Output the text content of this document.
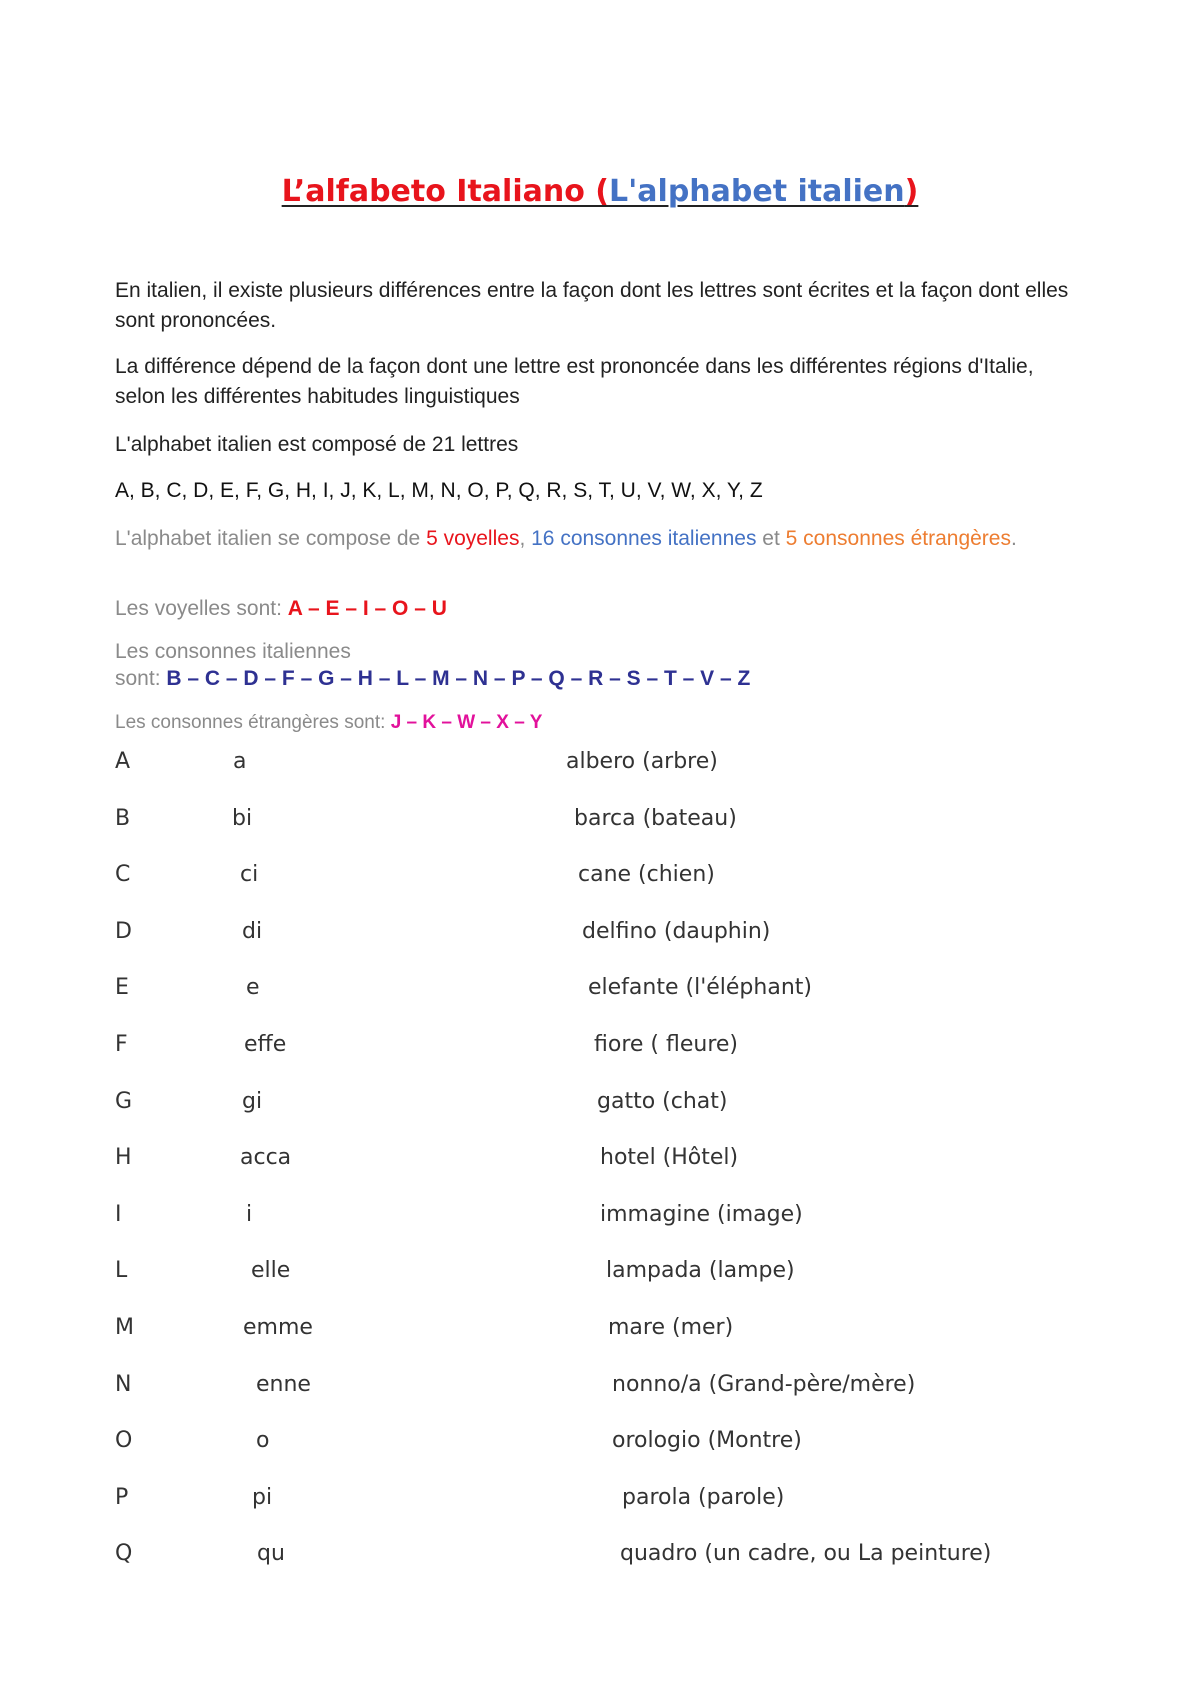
L’alfabeto Italiano (L'alphabet italien)

En italien, il existe plusieurs différences entre la façon dont les lettres sont écrites et la façon dont elles sont prononcées.

La différence dépend de la façon dont une lettre est prononcée dans les différentes régions d'Italie, selon les différentes habitudes linguistiques

L'alphabet italien est composé de 21 lettres

A, B, C, D, E, F, G, H, I, J, K, L, M, N, O, P, Q, R, S, T, U, V, W, X, Y, Z

L'alphabet italien se compose de 5 voyelles, 16 consonnes italiennes et 5 consonnes étrangères.

Les voyelles sont: A – E – I – O – U

Les consonnes italiennes
sont: B – C – D – F – G – H – L – M – N – P – Q – R – S – T – V – Z

Les consonnes étrangères sont: J – K – W – X – Y

A	a	albero (arbre)
B	bi	barca (bateau)
C	ci	cane (chien)
D	di	delfino (dauphin)
E	e	elefante (l'éléphant)
F	effe	fiore ( fleure)
G	gi	gatto (chat)
H	acca	hotel (Hôtel)
I	i	immagine (image)
L	elle	lampada (lampe)
M	emme	mare (mer)
N	enne	nonno/a (Grand-père/mère)
O	o	orologio (Montre)
P	pi	parola (parole)
Q	qu	quadro (un cadre, ou La peinture)
